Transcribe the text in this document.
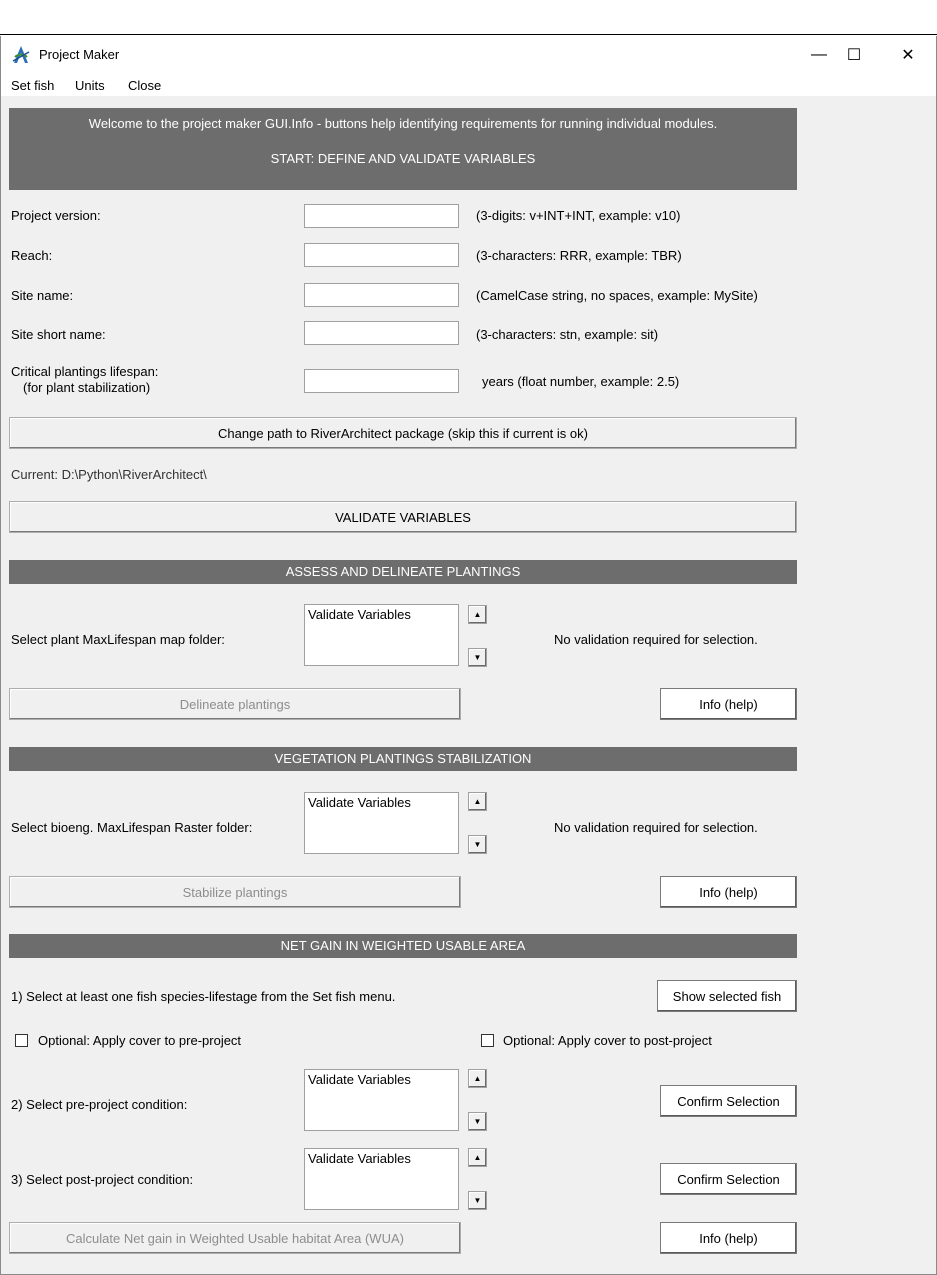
Project Maker	—	☐	✕
Set fish Units Close
Welcome to the project maker GUI.Info - buttons help identifying requirements for running individual modules.
START: DEFINE AND VALIDATE VARIABLES
Project version:	(3-digits: v+INT+INT, example: v10)
Reach:	(3-characters: RRR, example: TBR)
Site name:	(CamelCase string, no spaces, example: MySite)
Site short name:	(3-characters: stn, example: sit)
Critical plantings lifespan:
(for plant stabilization)	years (float number, example: 2.5)
Change path to RiverArchitect package (skip this if current is ok)
Current: D:\Python\RiverArchitect\
VALIDATE VARIABLES
ASSESS AND DELINEATE PLANTINGS
Select plant MaxLifespan map folder:
Validate Variables	▲
▼
No validation required for selection.
Delineate plantings	Info (help)
VEGETATION PLANTINGS STABILIZATION
Select bioeng. MaxLifespan Raster folder:
Validate Variables	▲
▼
No validation required for selection.
Stabilize plantings	Info (help)
NET GAIN IN WEIGHTED USABLE AREA
1) Select at least one fish species-lifestage from the Set fish menu.	Show selected fish
Optional: Apply cover to pre-project	Optional: Apply cover to post-project
2) Select pre-project condition:
Validate Variables	▲
▼
Confirm Selection
3) Select post-project condition:
Validate Variables	▲
▼
Confirm Selection
Calculate Net gain in Weighted Usable habitat Area (WUA)	Info (help)
